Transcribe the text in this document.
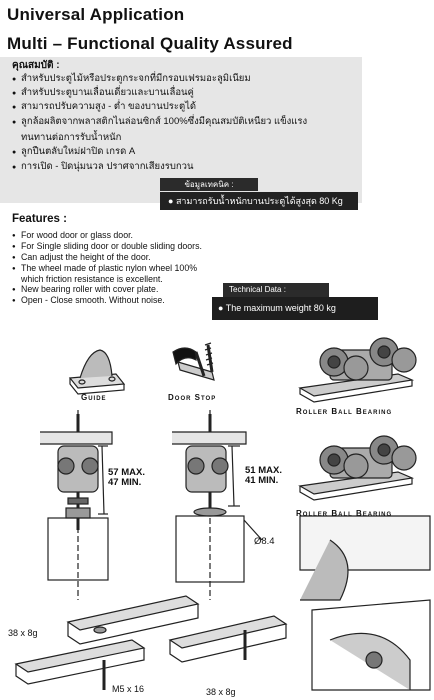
Universal Application
Multi – Functional Quality Assured
คุณสมบัติ :
● สำหรับประตูไม้หรือประตูกระจกที่มีกรอบเฟรมอะลูมิเนียม
● สำหรับประตูบานเลื่อนเดี่ยวและบานเลื่อนคู่
● สามารถปรับความสูง - ต่ำ ของบานประตูได้
● ลูกล้อผลิตจากพลาสติกไนล่อนซิกส์ 100%ซึ่งมีคุณสมบัติเหนียว แข็งแรง
ทนทานต่อการรับน้ำหนัก
● ลูกปืนตลับใหม่ฝาปิด เกรด A
● การเปิด - ปิดนุ่มนวล ปราศจากเสียงรบกวน
ข้อมูลเทคนิค :
● สามารถรับน้ำหนักบานประตูได้สูงสุด 80 Kg
Features :
● For wood door or glass door.
● For Single sliding door or double sliding doors.
● Can adjust the height of the door.
● The wheel made of plastic nylon wheel 100%
which friction resistance is excellent.
● New bearing roller with cover plate.
● Open - Close smooth. Without noise.
Technical Data :
● The maximum weight 80 kg
Guide	Door Stop
Roller Ball Bearing
Roller Ball Bearing
57 MAX.
47 MIN.
51 MAX.
41 MIN.
Ø8.4
38 x 8g
M5 x 16	38 x 8g
